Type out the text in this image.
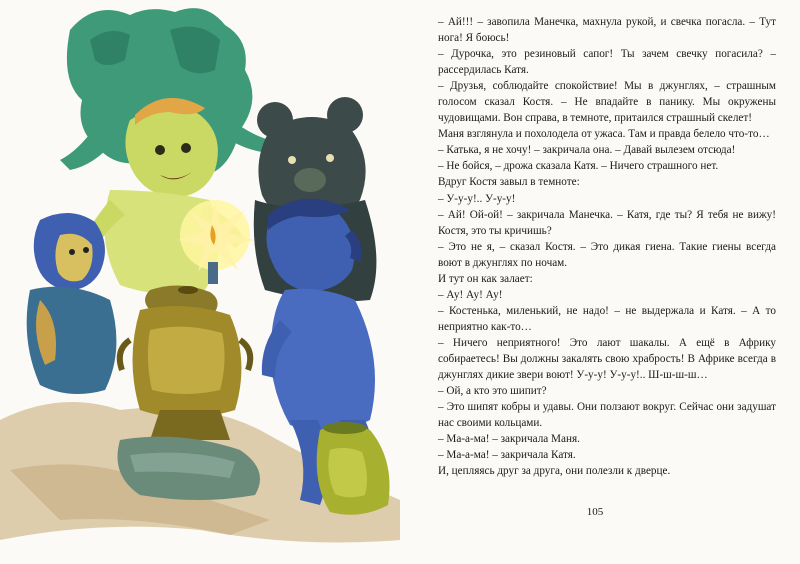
– Ай!!! – завопила Манечка, махнула рукой, и свечка погасла. – Тут нога! Я боюсь!

– Дурочка, это резиновый сапог! Ты зачем свечку погасила? – рассердилась Катя.

– Друзья, соблюдайте спокойствие! Мы в джунглях, – страшным голосом сказал Костя. – Не впадайте в панику. Мы окружены чудовищами. Вон справа, в темноте, притаился страшный скелет!

Маня взглянула и похолодела от ужаса. Там и правда белело что-то…

– Катька, я не хочу! – закричала она. – Давай вылезем отсюда!

– Не бойся, – дрожа сказала Катя. – Ничего страшного нет.

Вдруг Костя завыл в темноте:

– У-у-у!.. У-у-у!

– Ай! Ой-ой! – закричала Манечка. – Катя, где ты? Я тебя не вижу! Костя, это ты кричишь?

– Это не я, – сказал Костя. – Это дикая гиена. Такие гиены всегда воют в джунглях по ночам.

И тут он как залает:

– Ау! Ау! Ау!

– Костенька, миленький, не надо! – не выдержала и Катя. – А то неприятно как-то…

– Ничего неприятного! Это лают шакалы. А ещё в Африку собираетесь! Вы должны закалять свою храбрость! В Африке всегда в джунглях дикие звери воют! У-у-у! У-у-у!.. Ш-ш-ш-ш…

– Ой, а кто это шипит?

– Это шипят кобры и удавы. Они ползают вокруг. Сейчас они задушат нас своими кольцами.

– Ма-а-ма! – закричала Маня.

– Ма-а-ма! – закричала Катя.

И, цепляясь друг за друга, они полезли к дверце.

105
